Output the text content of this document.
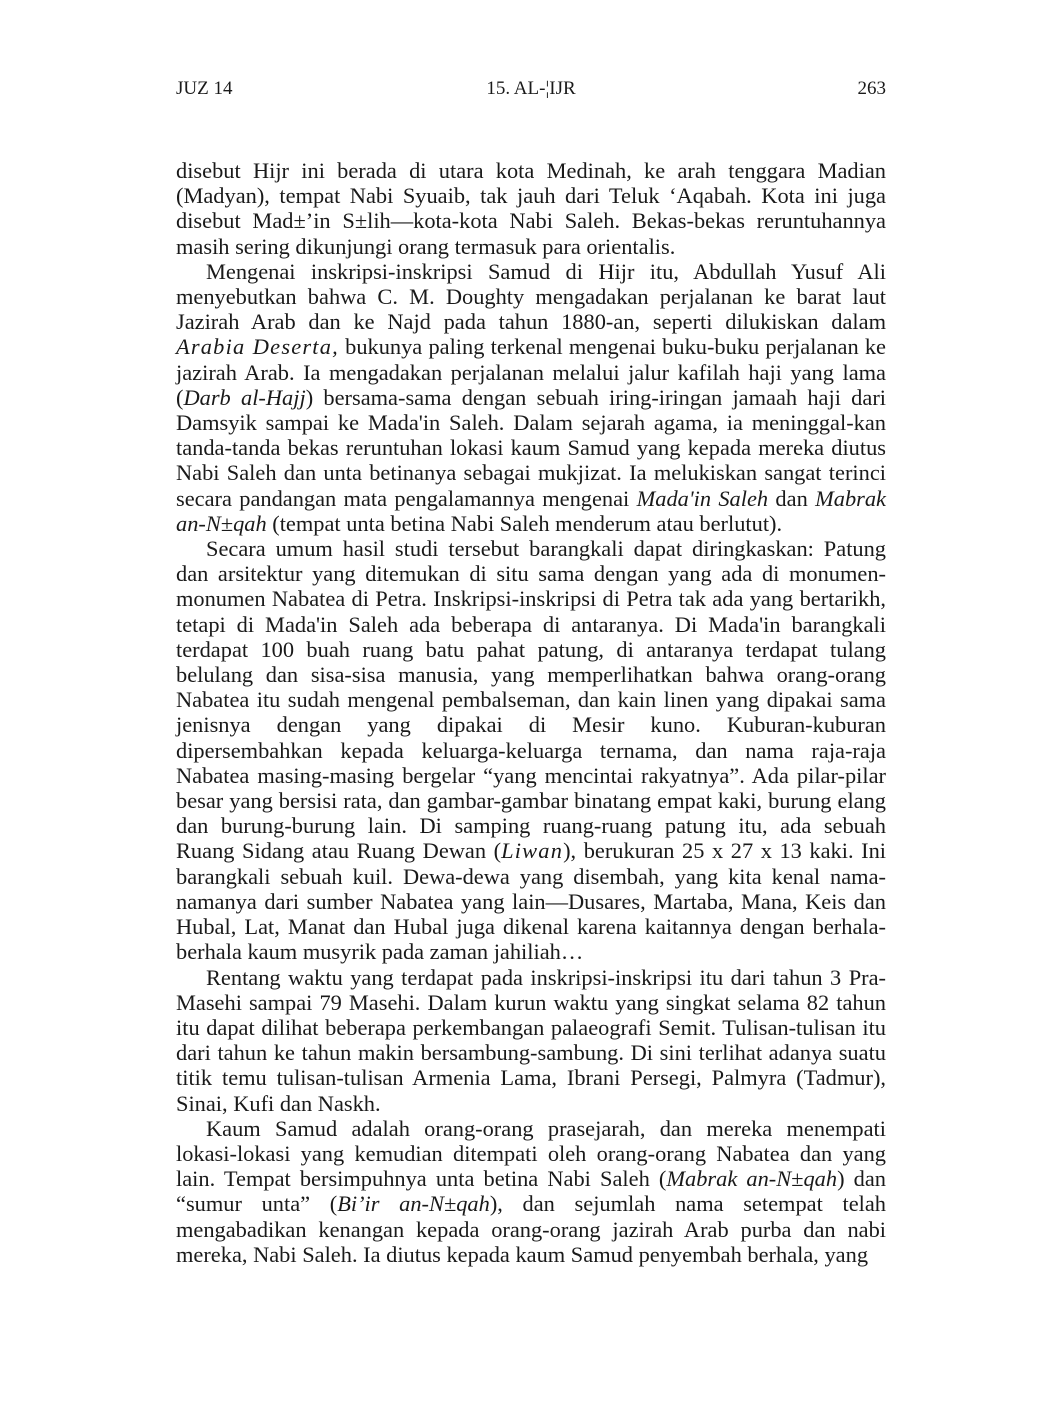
JUZ 14	15. AL-¦IJR	263

disebut Hijr ini berada di utara kota Medinah, ke arah tenggara Madian (Madyan), tempat Nabi Syuaib, tak jauh dari Teluk ‘Aqabah. Kota ini juga disebut Mad±’in S±lih—kota-kota Nabi Saleh. Bekas-bekas reruntuhannya masih sering dikunjungi orang termasuk para orientalis.

Mengenai inskripsi-inskripsi Samud di Hijr itu, Abdullah Yusuf Ali menyebutkan bahwa C. M. Doughty mengadakan perjalanan ke barat laut Jazirah Arab dan ke Najd pada tahun 1880-an, seperti dilukiskan dalam Arabia Deserta, bukunya paling terkenal mengenai buku-buku perjalanan ke jazirah Arab. Ia mengadakan perjalanan melalui jalur kafilah haji yang lama (Darb al-Hajj) bersama-sama dengan sebuah iring-iringan jamaah haji dari Damsyik sampai ke Mada'in Saleh. Dalam sejarah agama, ia meninggal-kan tanda-tanda bekas reruntuhan lokasi kaum Samud yang kepada mereka diutus Nabi Saleh dan unta betinanya sebagai mukjizat. Ia melukiskan sangat terinci secara pandangan mata pengalamannya mengenai Mada'in Saleh dan Mabrak an-N±qah (tempat unta betina Nabi Saleh menderum atau berlutut).

Secara umum hasil studi tersebut barangkali dapat diringkaskan: Patung dan arsitektur yang ditemukan di situ sama dengan yang ada di monumen-monumen Nabatea di Petra. Inskripsi-inskripsi di Petra tak ada yang bertarikh, tetapi di Mada'in Saleh ada beberapa di antaranya. Di Mada'in barangkali terdapat 100 buah ruang batu pahat patung, di antaranya terdapat tulang belulang dan sisa-sisa manusia, yang memperlihatkan bahwa orang-orang Nabatea itu sudah mengenal pembalseman, dan kain linen yang dipakai sama jenisnya dengan yang dipakai di Mesir kuno. Kuburan-kuburan dipersembahkan kepada keluarga-keluarga ternama, dan nama raja-raja Nabatea masing-masing bergelar “yang mencintai rakyatnya”. Ada pilar-pilar besar yang bersisi rata, dan gambar-gambar binatang empat kaki, burung elang dan burung-burung lain. Di samping ruang-ruang patung itu, ada sebuah Ruang Sidang atau Ruang Dewan (Liwan), berukuran 25 x 27 x 13 kaki. Ini barangkali sebuah kuil. Dewa-dewa yang disembah, yang kita kenal nama-namanya dari sumber Nabatea yang lain—Dusares, Martaba, Mana, Keis dan Hubal, Lat, Manat dan Hubal juga dikenal karena kaitannya dengan berhala-berhala kaum musyrik pada zaman jahiliah…

Rentang waktu yang terdapat pada inskripsi-inskripsi itu dari tahun 3 Pra-Masehi sampai 79 Masehi. Dalam kurun waktu yang singkat selama 82 tahun itu dapat dilihat beberapa perkembangan palaeografi Semit. Tulisan-tulisan itu dari tahun ke tahun makin bersambung-sambung. Di sini terlihat adanya suatu titik temu tulisan-tulisan Armenia Lama, Ibrani Persegi, Palmyra (Tadmur), Sinai, Kufi dan Naskh.

Kaum Samud adalah orang-orang prasejarah, dan mereka menempati lokasi-lokasi yang kemudian ditempati oleh orang-orang Nabatea dan yang lain. Tempat bersimpuhnya unta betina Nabi Saleh (Mabrak an-N±qah) dan “sumur unta” (Bi’ir an-N±qah), dan sejumlah nama setempat telah mengabadikan kenangan kepada orang-orang jazirah Arab purba dan nabi mereka, Nabi Saleh. Ia diutus kepada kaum Samud penyembah berhala, yang
